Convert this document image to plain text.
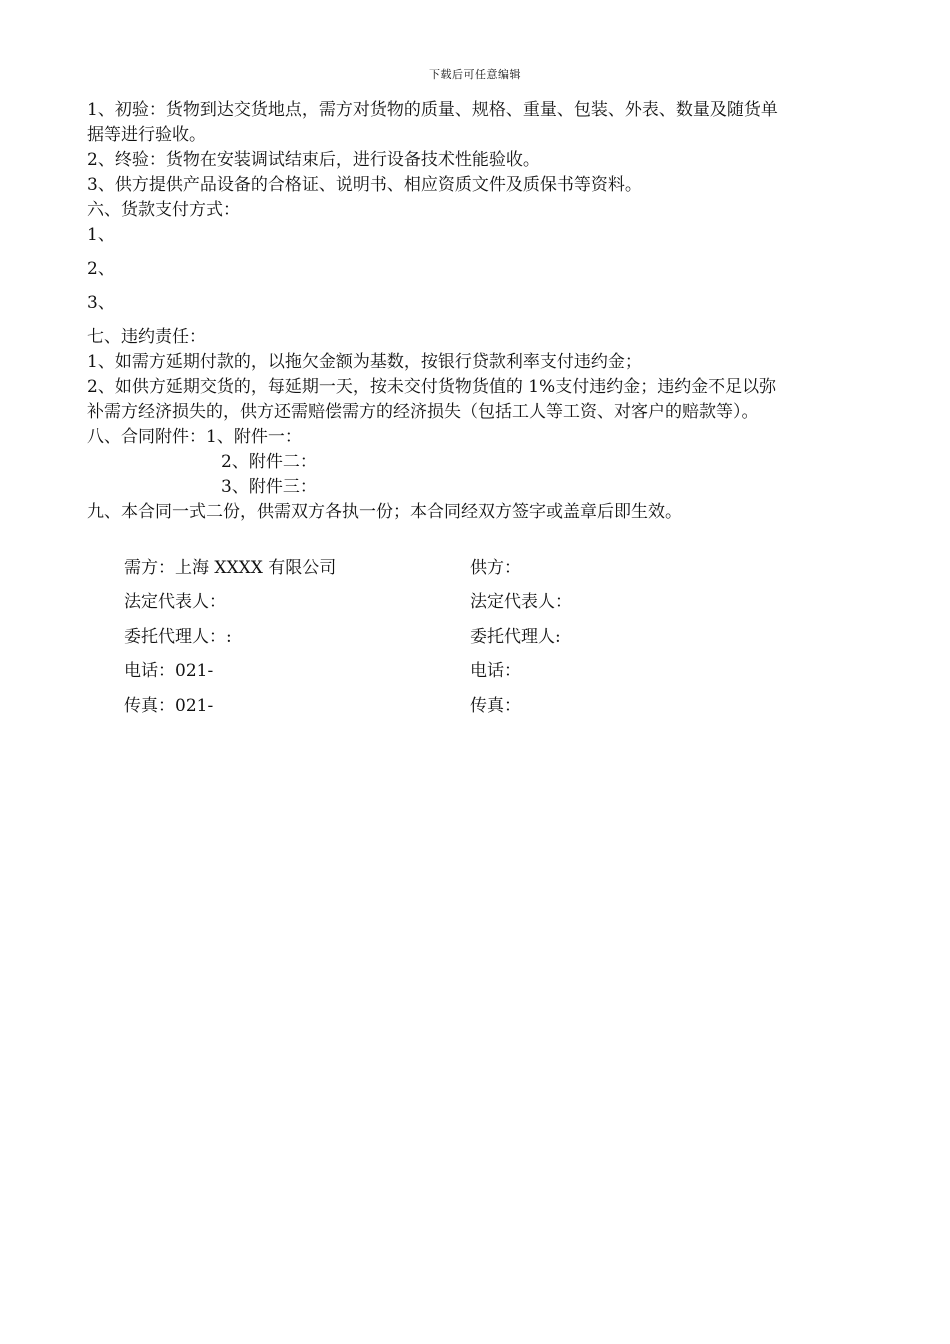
下载后可任意编辑

1、初验：货物到达交货地点，需方对货物的质量、规格、重量、包装、外表、数量及随货单

据等进行验收。

2、终验：货物在安装调试结束后，进行设备技术性能验收。

3、供方提供产品设备的合格证、说明书、相应资质文件及质保书等资料。

六、货款支付方式：

1、

2、

3、

七、违约责任：

1、如需方延期付款的，以拖欠金额为基数，按银行贷款利率支付违约金；

2、如供方延期交货的，每延期一天，按未交付货物货值的 1%支付违约金；违约金不足以弥

补需方经济损失的，供方还需赔偿需方的经济损失（包括工人等工资、对客户的赔款等）。

八、合同附件：1、附件一：

2、附件二：

3、附件三：

九、本合同一式二份，供需双方各执一份；本合同经双方签字或盖章后即生效。

需方：上海 XXXX 有限公司	供方：
法定代表人：	法定代表人：
委托代理人：:	委托代理人:
电话：021-	电话：
传真：021-	传真：
